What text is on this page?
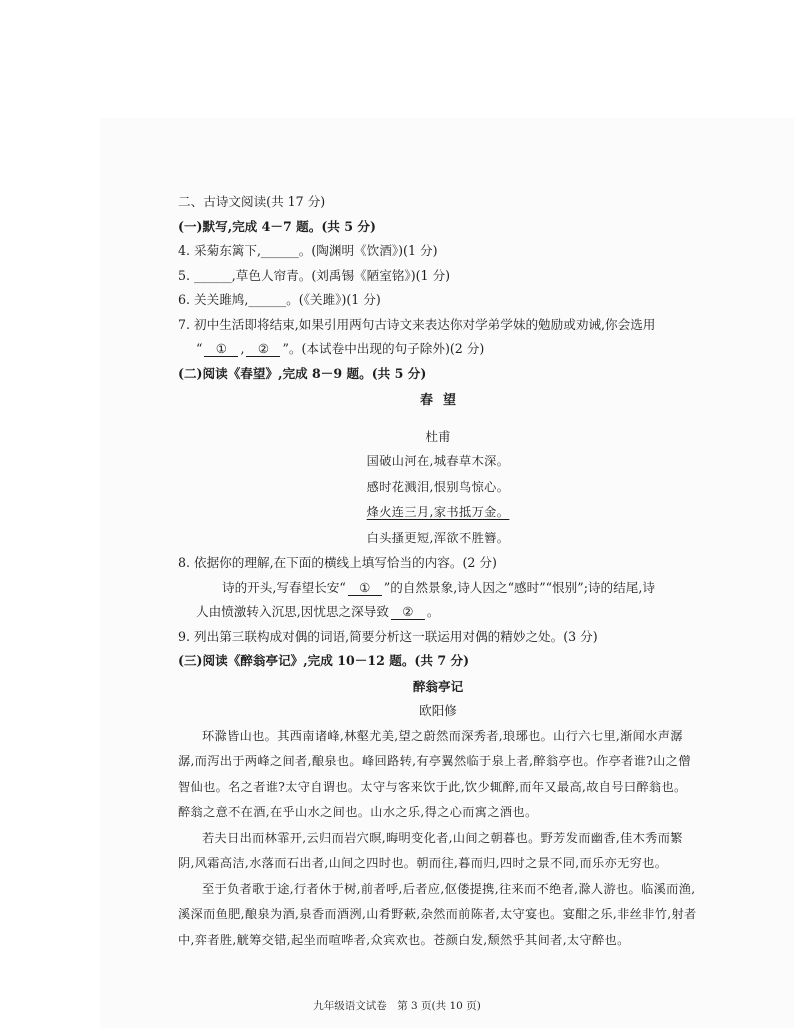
二、古诗文阅读(共 17 分)

(一)默写,完成 4－7 题。(共 5 分)

4. 采菊东篱下,______。(陶渊明《饮酒》)(1 分)

5. ______,草色人帘青。(刘禹锡《陋室铭》)(1 分)

6. 关关雎鸠,______。(《关雎》)(1 分)

7. 初中生活即将结束,如果引用两句古诗文来表达你对学弟学妹的勉励或劝诫,你会选用

“ ① , ② ”。(本试卷中出现的句子除外)(2 分)

(二)阅读《春望》,完成 8－9 题。(共 5 分)

春望

杜甫

国破山河在,城春草木深。

感时花溅泪,恨别鸟惊心。

烽火连三月,家书抵万金。

白头搔更短,浑欲不胜簪。

8. 依据你的理解,在下面的横线上填写恰当的内容。(2 分)

诗的开头,写春望长安“ ① ”的自然景象,诗人因之“感时”“恨别”;诗的结尾,诗

人由愤激转入沉思,因忧思之深导致 ② 。

9. 列出第三联构成对偶的词语,简要分析这一联运用对偶的精妙之处。(3 分)

(三)阅读《醉翁亭记》,完成 10－12 题。(共 7 分)

醉翁亭记

欧阳修

环滁皆山也。其西南诸峰,林壑尤美,望之蔚然而深秀者,琅琊也。山行六七里,渐闻水声潺潺,而泻出于两峰之间者,酿泉也。峰回路转,有亭翼然临于泉上者,醉翁亭也。作亭者谁?山之僧智仙也。名之者谁?太守自谓也。太守与客来饮于此,饮少辄醉,而年又最高,故自号曰醉翁也。醉翁之意不在酒,在乎山水之间也。山水之乐,得之心而寓之酒也。

若夫日出而林霏开,云归而岩穴暝,晦明变化者,山间之朝暮也。野芳发而幽香,佳木秀而繁阴,风霜高洁,水落而石出者,山间之四时也。朝而往,暮而归,四时之景不同,而乐亦无穷也。

至于负者歌于途,行者休于树,前者呼,后者应,伛偻提携,往来而不绝者,滁人游也。临溪而渔,溪深而鱼肥,酿泉为酒,泉香而酒洌,山肴野蔌,杂然而前陈者,太守宴也。宴酣之乐,非丝非竹,射者中,弈者胜,觥筹交错,起坐而喧哗者,众宾欢也。苍颜白发,颓然乎其间者,太守醉也。

九年级语文试卷　第 3 页(共 10 页)
